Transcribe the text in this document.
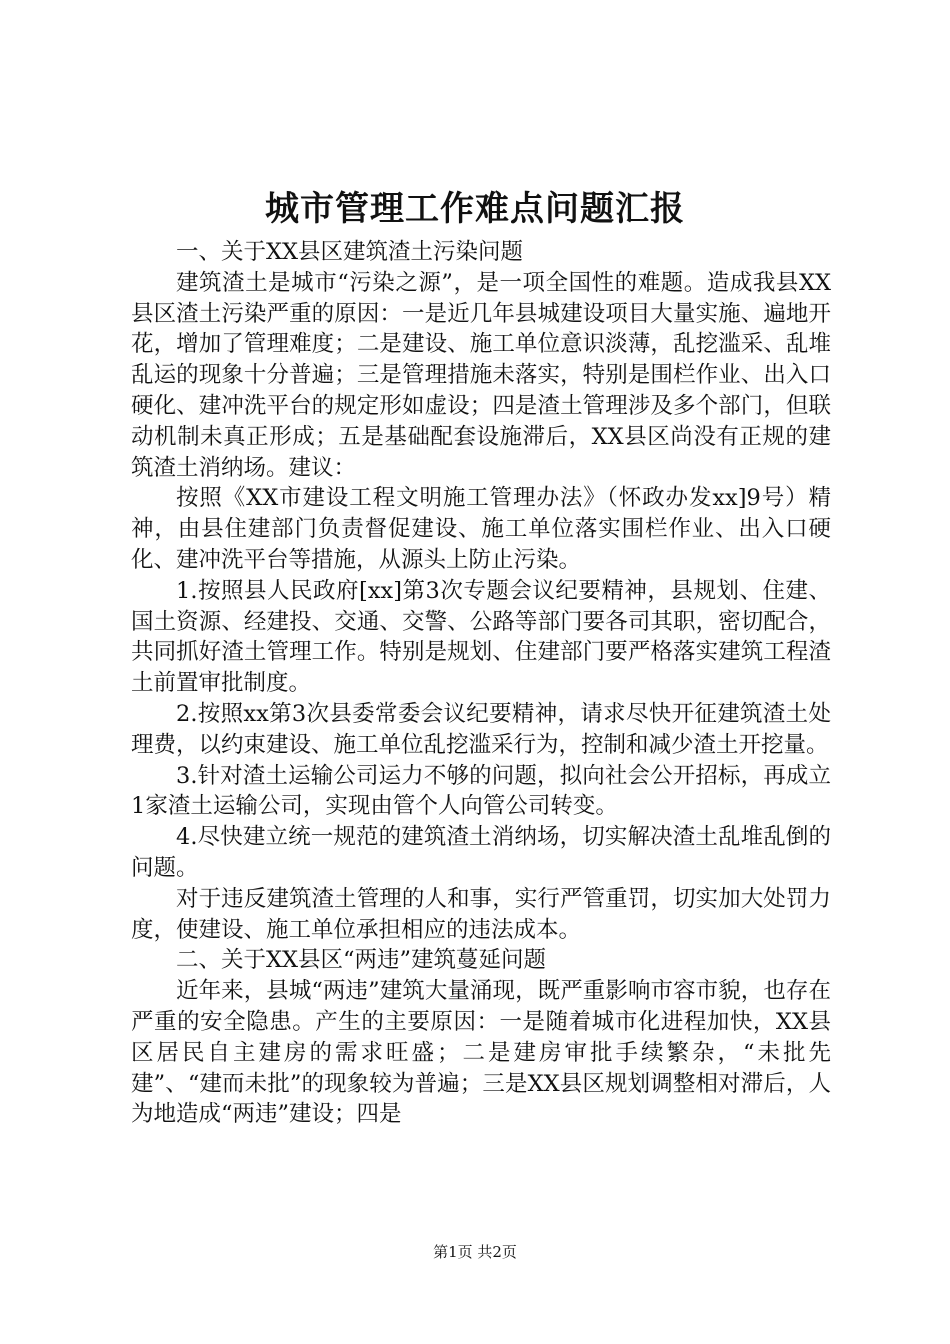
城市管理工作难点问题汇报

一、关于XX县区建筑渣土污染问题

建筑渣土是城市“污染之源”，是一项全国性的难题。造成我县XX县区渣土污染严重的原因：一是近几年县城建设项目大量实施、遍地开花，增加了管理难度；二是建设、施工单位意识淡薄，乱挖滥采、乱堆乱运的现象十分普遍；三是管理措施未落实，特别是围栏作业、出入口硬化、建冲洗平台的规定形如虚设；四是渣土管理涉及多个部门，但联动机制未真正形成；五是基础配套设施滞后，XX县区尚没有正规的建筑渣土消纳场。建议：

按照《XX市建设工程文明施工管理办法》（怀政办发xx]9号）精神，由县住建部门负责督促建设、施工单位落实围栏作业、出入口硬化、建冲洗平台等措施，从源头上防止污染。

1.按照县人民政府[xx]第3次专题会议纪要精神，县规划、住建、国土资源、经建投、交通、交警、公路等部门要各司其职，密切配合，共同抓好渣土管理工作。特别是规划、住建部门要严格落实建筑工程渣土前置审批制度。

2.按照xx第3次县委常委会议纪要精神，请求尽快开征建筑渣土处理费，以约束建设、施工单位乱挖滥采行为，控制和减少渣土开挖量。

3.针对渣土运输公司运力不够的问题，拟向社会公开招标，再成立1家渣土运输公司，实现由管个人向管公司转变。

4.尽快建立统一规范的建筑渣土消纳场，切实解决渣土乱堆乱倒的问题。

对于违反建筑渣土管理的人和事，实行严管重罚，切实加大处罚力度，使建设、施工单位承担相应的违法成本。

二、关于XX县区“两违”建筑蔓延问题

近年来，县城“两违”建筑大量涌现，既严重影响市容市貌，也存在严重的安全隐患。产生的主要原因：一是随着城市化进程加快，XX县区居民自主建房的需求旺盛；二是建房审批手续繁杂，“未批先建”、“建而未批”的现象较为普遍；三是XX县区规划调整相对滞后，人为地造成“两违”建设；四是

第1页 共2页
